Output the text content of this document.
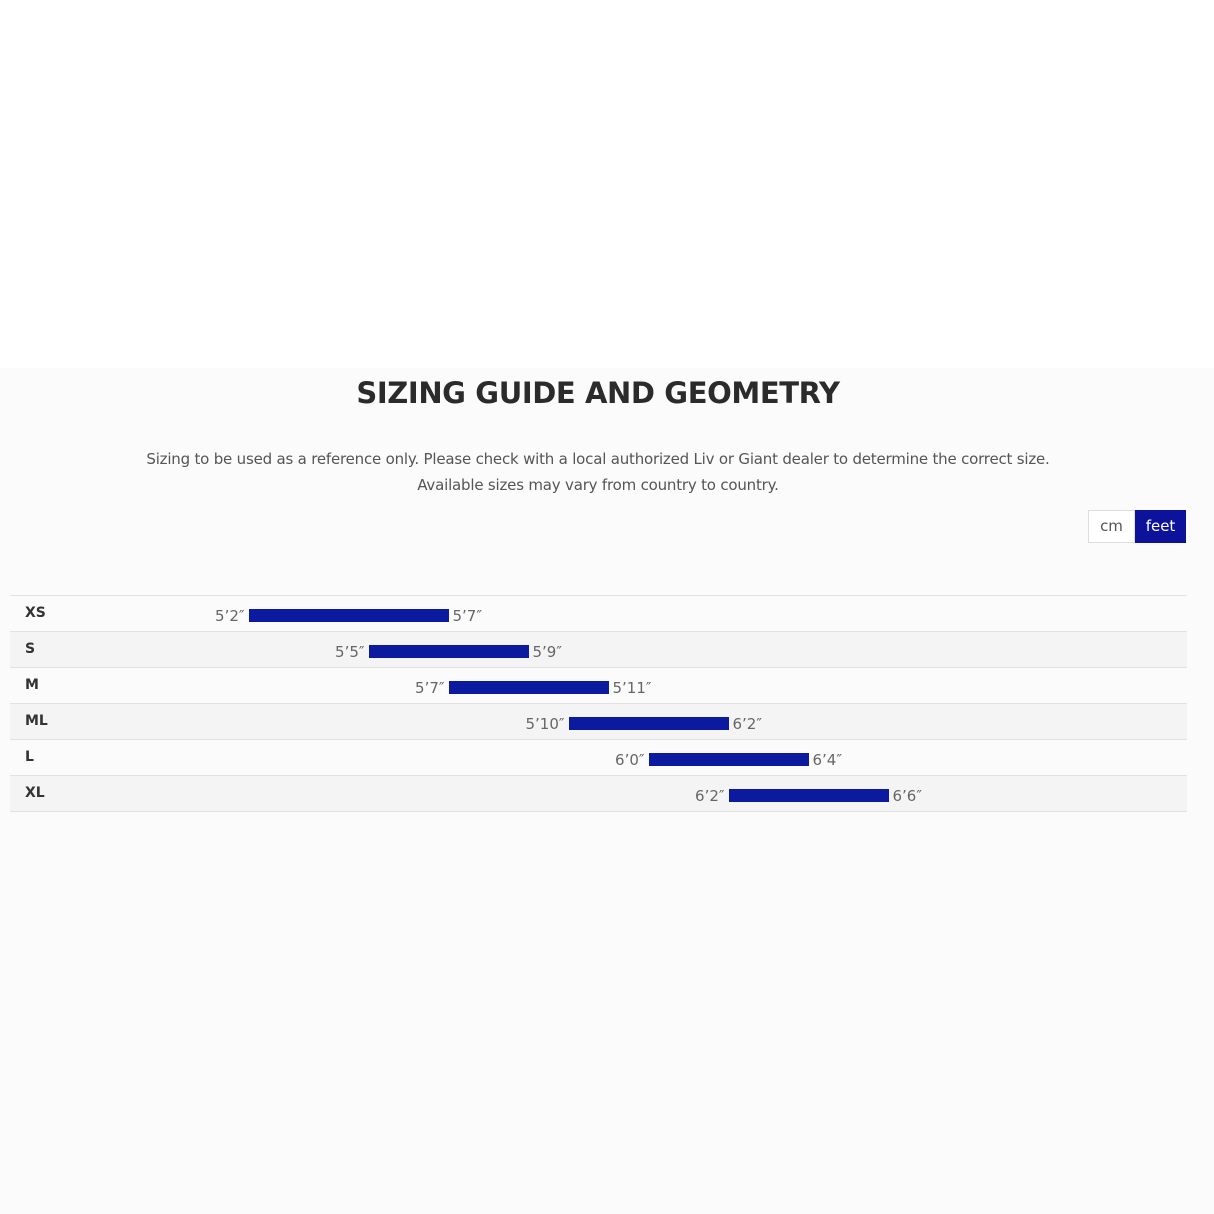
SIZING GUIDE AND GEOMETRY
Sizing to be used as a reference only. Please check with a local authorized Liv or Giant dealer to determine the correct size.
Available sizes may vary from country to country.
cm	feet
XS	5’2″	5’7″
S	5’5″	5’9″
M	5’7″	5’11″
ML	5’10″	6’2″
L	6’0″	6’4″
XL	6’2″	6’6″
